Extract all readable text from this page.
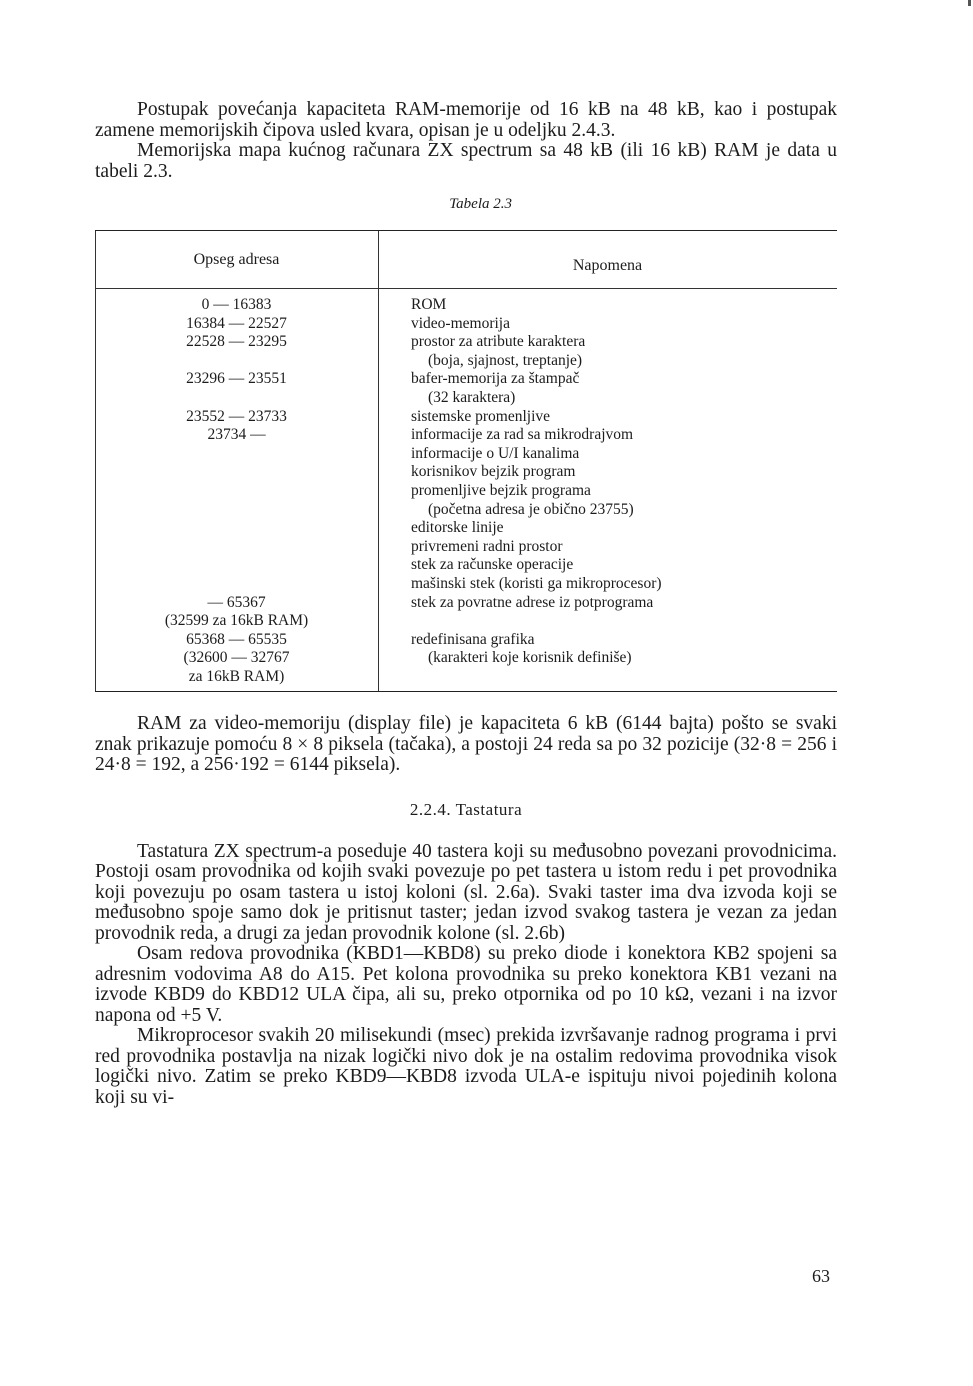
Postupak povećanja kapaciteta RAM-memorije od 16 kB na 48 kB, kao i postupak zamene memorijskih čipova usled kvara, opisan je u odeljku 2.4.3.

Memorijska mapa kućnog računara ZX spectrum sa 48 kB (ili 16 kB) RAM je data u tabeli 2.3.

Tabela 2.3
Opseg adresa	Napomena
0 — 16383
16384 — 22527
22528 — 23295
23296 — 23551
23552 — 23733
23734 —
— 65367
(32599 za 16kB RAM)
65368 — 65535
(32600 — 32767
za 16kB RAM)
ROM
video-memorija
prostor za atribute karaktera
(boja, sjajnost, treptanje)
bafer-memorija za štampač
(32 karaktera)
sistemske promenljive
informacije za rad sa mikrodrajvom
informacije o U/I kanalima
korisnikov bejzik program
promenljive bejzik programa
(početna adresa je obično 23755)
editorske linije
privremeni radni prostor
stek za računske operacije
mašinski stek (koristi ga mikroprocesor)
stek za povratne adrese iz potprograma
redefinisana grafika
(karakteri koje korisnik definiše)

RAM za video-memoriju (display file) je kapaciteta 6 kB (6144 bajta) pošto se svaki znak prikazuje pomoću 8 × 8 piksela (tačaka), a postoji 24 reda sa po 32 pozicije (32·8 = 256 i 24·8 = 192, a 256·192 = 6144 piksela).

2.2.4. Tastatura

Tastatura ZX spectrum-a poseduje 40 tastera koji su međusobno povezani provodnicima. Postoji osam provodnika od kojih svaki povezuje po pet tastera u istom redu i pet provodnika koji povezuju po osam tastera u istoj koloni (sl. 2.6a). Svaki taster ima dva izvoda koji se međusobno spoje samo dok je pritisnut taster; jedan izvod svakog tastera je vezan za jedan provodnik reda, a drugi za jedan provodnik kolone (sl. 2.6b)

Osam redova provodnika (KBD1—KBD8) su preko diode i konektora KB2 spojeni sa adresnim vodovima A8 do A15. Pet kolona provodnika su preko konektora KB1 vezani na izvode KBD9 do KBD12 ULA čipa, ali su, preko otpornika od po 10 kΩ, vezani i na izvor napona od +5 V.

Mikroprocesor svakih 20 milisekundi (msec) prekida izvršavanje radnog programa i prvi red provodnika postavlja na nizak logički nivo dok je na ostalim redovima provodnika visok logički nivo. Zatim se preko KBD9—KBD8 izvoda ULA-e ispituju nivoi pojedinih kolona koji su vi-

63
